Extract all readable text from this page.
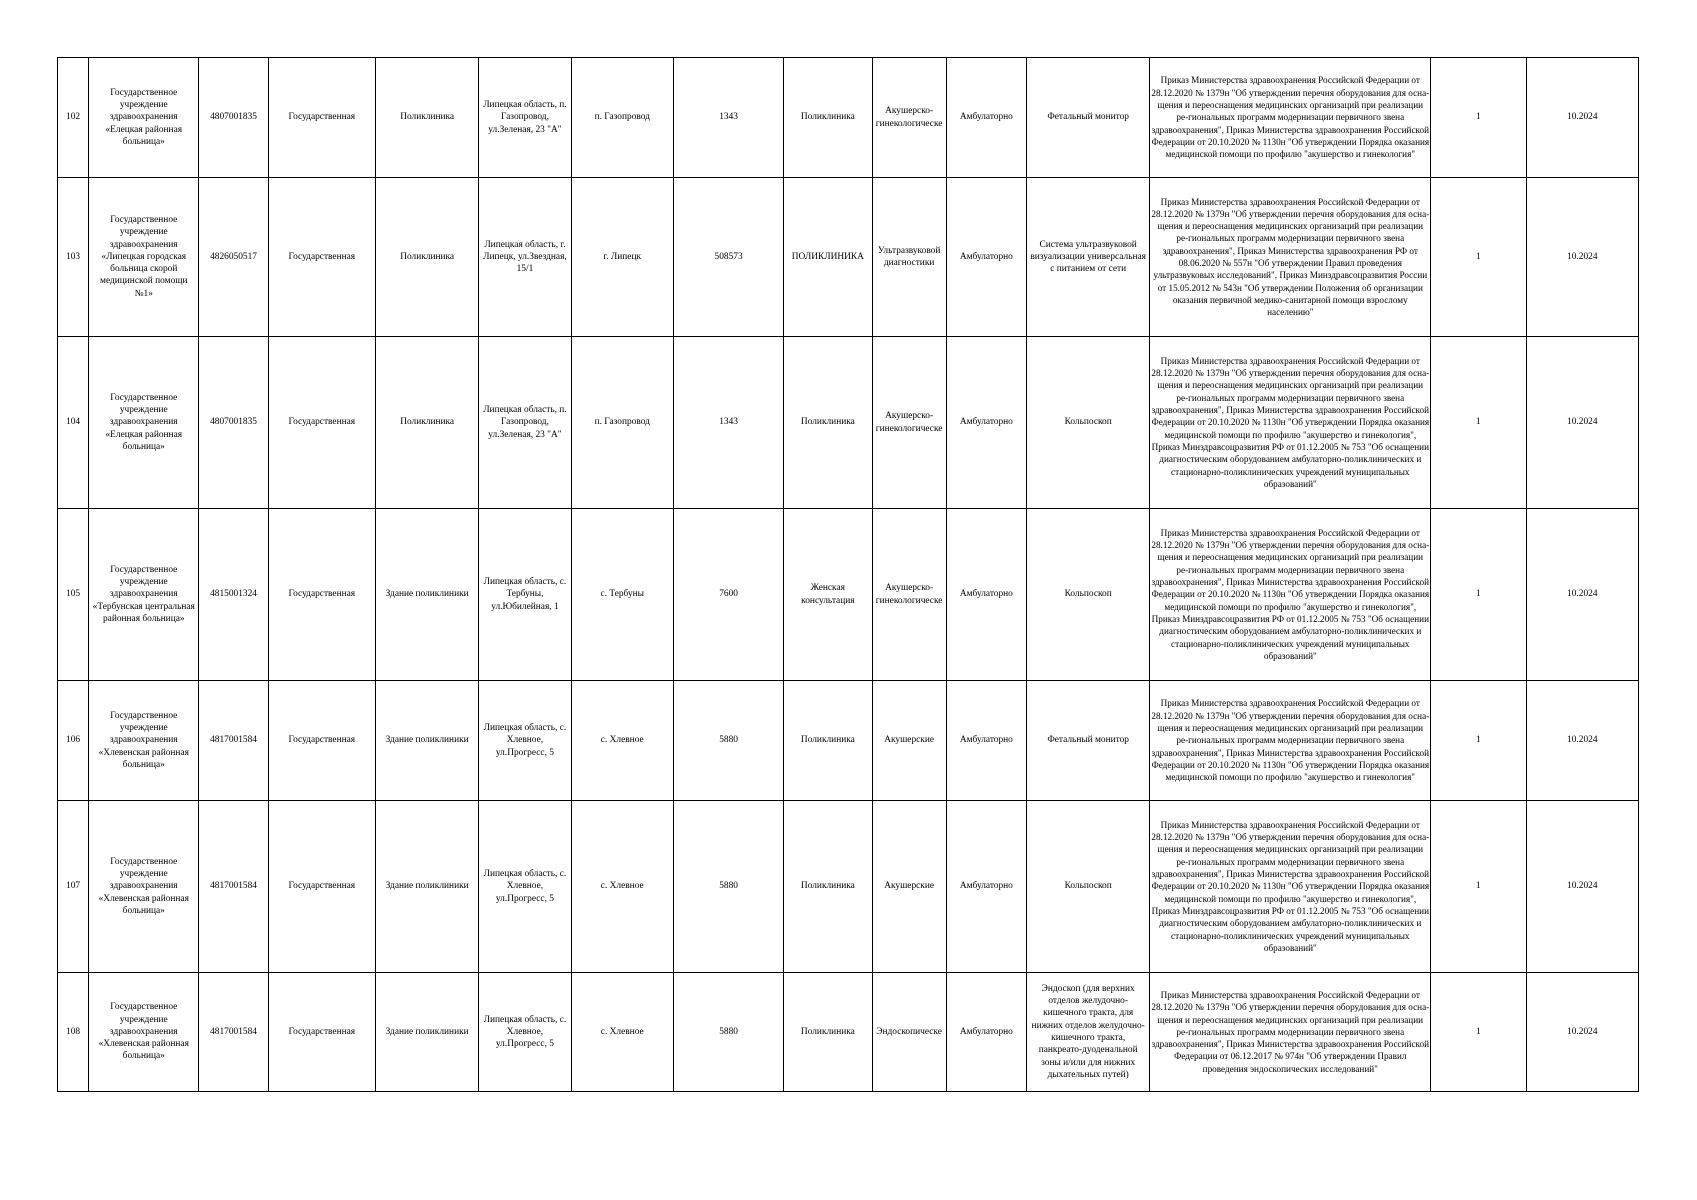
102	Государственное учреждение здравоохранения «Елецкая районная больница»	4807001835	Государственная	Поликлиника	Липецкая область, п. Газопровод, ул.Зеленая, 23 "А"	п. Газопровод	1343	Поликлиника	Акушерско-гинекологическе	Амбулаторно	Фетальный монитор	Приказ Министерства здравоохранения Российской Федерации от 28.12.2020 № 1379н "Об утверждении перечня оборудования для осна-щения и переоснащения медицинских организаций при реализации ре-гиональных программ модернизации первичного звена здравоохранения", Приказ Министерства здравоохранения Российской Федерации от 20.10.2020 № 1130н "Об утверждении Порядка оказания медицинской помощи по профилю "акушерство и гинекология"	1	10.2024
103	Государственное учреждение здравоохранения «Липецкая городская больница скорой медицинской помощи №1»	4826050517	Государственная	Поликлиника	Липецкая область, г. Липецк, ул.Звездная, 15/1	г. Липецк	508573	ПОЛИКЛИНИКА	Ультразвуковой диагностики	Амбулаторно	Система ультразвуковой визуализации универсальная с питанием от сети	Приказ Министерства здравоохранения Российской Федерации от 28.12.2020 № 1379н "Об утверждении перечня оборудования для осна-щения и переоснащения медицинских организаций при реализации ре-гиональных программ модернизации первичного звена здравоохранения", Приказ Министерства здравоохранения РФ от 08.06.2020 № 557н "Об утверждении Правил проведения ультразвуковых исследований", Приказ Минздравсоцразвития России от 15.05.2012 № 543н "Об утверждении Положения об организации оказания первичной медико-санитарной помощи взрослому населению"	1	10.2024
104	Государственное учреждение здравоохранения «Елецкая районная больница»	4807001835	Государственная	Поликлиника	Липецкая область, п. Газопровод, ул.Зеленая, 23 "А"	п. Газопровод	1343	Поликлиника	Акушерско-гинекологическе	Амбулаторно	Кольпоскоп	Приказ Министерства здравоохранения Российской Федерации от 28.12.2020 № 1379н "Об утверждении перечня оборудования для осна-щения и переоснащения медицинских организаций при реализации ре-гиональных программ модернизации первичного звена здравоохранения", Приказ Министерства здравоохранения Российской Федерации от 20.10.2020 № 1130н "Об утверждении Порядка оказания медицинской помощи по профилю "акушерство и гинекология", Приказ Минздравсоцразвития РФ от 01.12.2005 № 753 "Об оснащении диагностическим оборудованием амбулаторно-поликлинических и стационарно-поликлинических учреждений муниципальных образований"	1	10.2024
105	Государственное учреждение здравоохранения «Тербунская центральная районная больница»	4815001324	Государственная	Здание поликлиники	Липецкая область, с. Тербуны, ул.Юбилейная, 1	с. Тербуны	7600	Женская консультация	Акушерско-гинекологическе	Амбулаторно	Кольпоскоп	Приказ Министерства здравоохранения Российской Федерации от 28.12.2020 № 1379н "Об утверждении перечня оборудования для осна-щения и переоснащения медицинских организаций при реализации ре-гиональных программ модернизации первичного звена здравоохранения", Приказ Министерства здравоохранения Российской Федерации от 20.10.2020 № 1130н "Об утверждении Порядка оказания медицинской помощи по профилю "акушерство и гинекология", Приказ Минздравсоцразвития РФ от 01.12.2005 № 753 "Об оснащении диагностическим оборудованием амбулаторно-поликлинических и стационарно-поликлинических учреждений муниципальных образований"	1	10.2024
106	Государственное учреждение здравоохранения «Хлевенская районная больница»	4817001584	Государственная	Здание поликлиники	Липецкая область, с. Хлевное, ул.Прогресс, 5	с. Хлевное	5880	Поликлиника	Акушерские	Амбулаторно	Фетальный монитор	Приказ Министерства здравоохранения Российской Федерации от 28.12.2020 № 1379н "Об утверждении перечня оборудования для осна-щения и переоснащения медицинских организаций при реализации ре-гиональных программ модернизации первичного звена здравоохранения", Приказ Министерства здравоохранения Российской Федерации от 20.10.2020 № 1130н "Об утверждении Порядка оказания медицинской помощи по профилю "акушерство и гинекология"	1	10.2024
107	Государственное учреждение здравоохранения «Хлевенская районная больница»	4817001584	Государственная	Здание поликлиники	Липецкая область, с. Хлевное, ул.Прогресс, 5	с. Хлевное	5880	Поликлиника	Акушерские	Амбулаторно	Кольпоскоп	Приказ Министерства здравоохранения Российской Федерации от 28.12.2020 № 1379н "Об утверждении перечня оборудования для осна-щения и переоснащения медицинских организаций при реализации ре-гиональных программ модернизации первичного звена здравоохранения", Приказ Министерства здравоохранения Российской Федерации от 20.10.2020 № 1130н "Об утверждении Порядка оказания медицинской помощи по профилю "акушерство и гинекология", Приказ Минздравсоцразвития РФ от 01.12.2005 № 753 "Об оснащении диагностическим оборудованием амбулаторно-поликлинических и стационарно-поликлинических учреждений муниципальных образований"	1	10.2024
108	Государственное учреждение здравоохранения «Хлевенская районная больница»	4817001584	Государственная	Здание поликлиники	Липецкая область, с. Хлевное, ул.Прогресс, 5	с. Хлевное	5880	Поликлиника	Эндоскопическе	Амбулаторно	Эндоскоп (для верхних отделов желудочно-кишечного тракта, для нижних отделов желудочно-кишечного тракта, панкреато-дуоденальной зоны и/или для нижних дыхательных путей)	Приказ Министерства здравоохранения Российской Федерации от 28.12.2020 № 1379н "Об утверждении перечня оборудования для осна-щения и переоснащения медицинских организаций при реализации ре-гиональных программ модернизации первичного звена здравоохранения", Приказ Министерства здравоохранения Российской Федерации от 06.12.2017 № 974н "Об утверждении Правил проведения эндоскопических исследований"	1	10.2024
